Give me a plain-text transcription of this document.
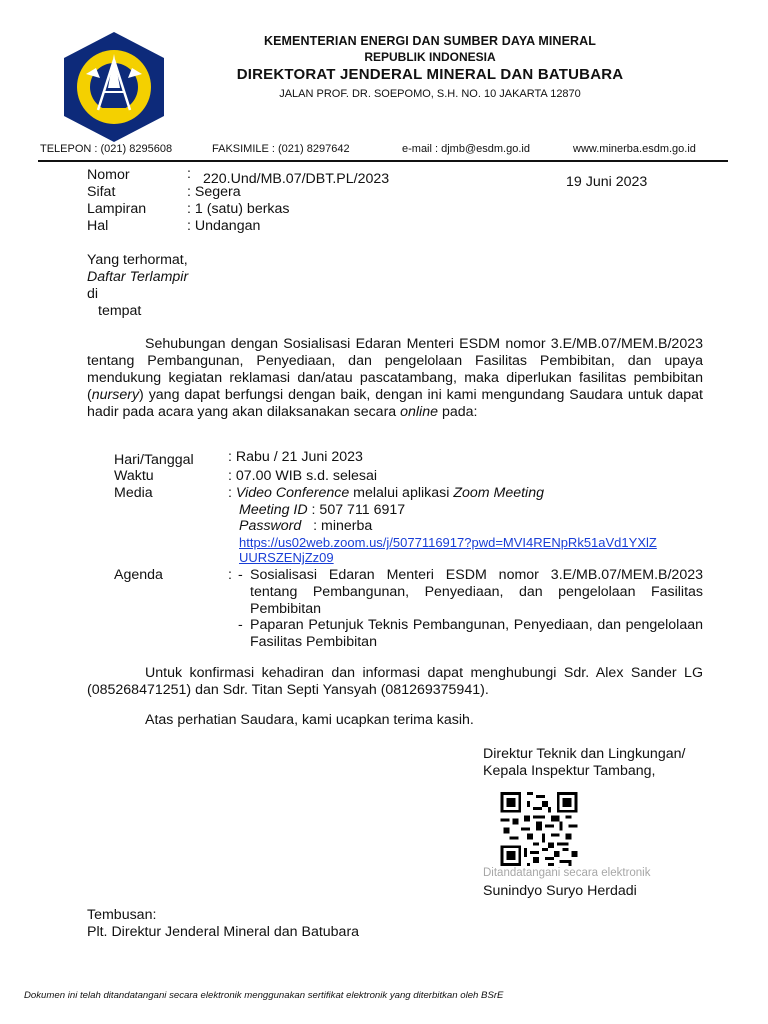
KEMENTERIAN ENERGI DAN SUMBER DAYA MINERAL
REPUBLIK INDONESIA
DIREKTORAT JENDERAL MINERAL DAN BATUBARA
JALAN PROF. DR. SOEPOMO, S.H. NO. 10 JAKARTA 12870
TELEPON : (021) 8295608	FAKSIMILE : (021) 8297642	e-mail : djmb@esdm.go.id	www.minerba.esdm.go.id
Nomor	: 220.Und/MB.07/DBT.PL/2023	19 Juni 2023
Sifat	: Segera
Lampiran	: 1 (satu) berkas
Hal	: Undangan
Yang terhormat,
Daftar Terlampir
di
tempat
Sehubungan dengan Sosialisasi Edaran Menteri ESDM nomor 3.E/MB.07/MEM.B/2023 tentang Pembangunan, Penyediaan, dan pengelolaan Fasilitas Pembibitan, dan upaya mendukung kegiatan reklamasi dan/atau pascatambang, maka diperlukan fasilitas pembibitan (nursery) yang dapat berfungsi dengan baik, dengan ini kami mengundang Saudara untuk dapat hadir pada acara yang akan dilaksanakan secara online pada:
Hari/Tanggal : Rabu / 21 Juni 2023
Waktu	: 07.00 WIB s.d. selesai
Media	: Video Conference melalui aplikasi Zoom Meeting
Meeting ID : 507 711 6917
Password   : minerba
https://us02web.zoom.us/j/5077116917?pwd=MVI4RENpRk51aVd1YXlZ
UURSZENjZz09
Agenda	: - Sosialisasi Edaran Menteri ESDM nomor 3.E/MB.07/MEM.B/2023 tentang Pembangunan, Penyediaan, dan pengelolaan Fasilitas Pembibitan
- Paparan Petunjuk Teknis Pembangunan, Penyediaan, dan pengelolaan Fasilitas Pembibitan
Untuk konfirmasi kehadiran dan informasi dapat menghubungi Sdr. Alex Sander LG (085268471251) dan Sdr. Titan Septi Yansyah (081269375941).
Atas perhatian Saudara, kami ucapkan terima kasih.
Direktur Teknik dan Lingkungan/
Kepala Inspektur Tambang,
Ditandatangani secara elektronik
Sunindyo Suryo Herdadi
Tembusan:
Plt. Direktur Jenderal Mineral dan Batubara
Dokumen ini telah ditandatangani secara elektronik menggunakan sertifikat elektronik yang diterbitkan oleh BSrE
